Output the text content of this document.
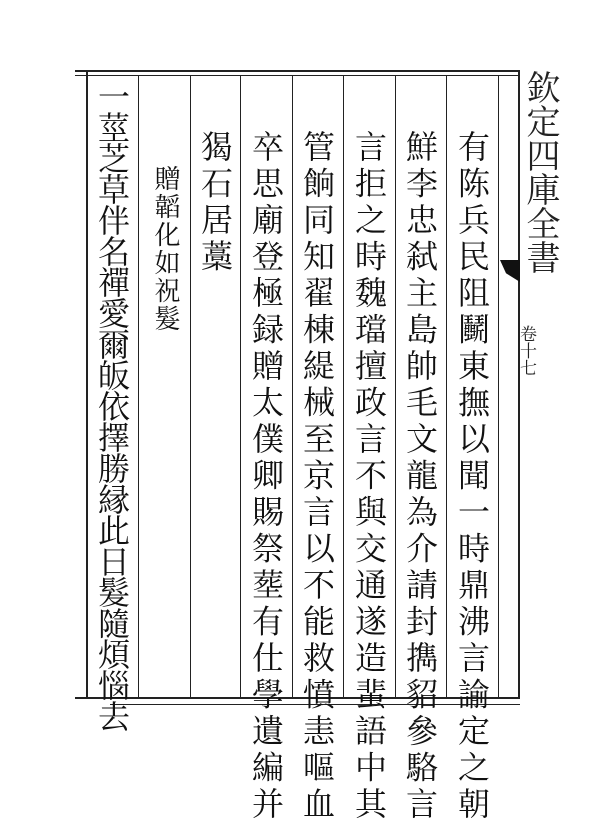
欽定四庫全書
卷十七
有陈兵民阻鬭東撫以聞一時鼎沸言諭定之朝
鮮李忠弑主島帥毛文龍為介請封擕貂參駱言
言拒之時魏璫擅政言不與交通遂造蜚語中其
管餉同知翟棟緹械至京言以不能救憤恚嘔血
卒思廟登極録贈太僕卿賜祭塟有仕學遺編并
猲石居藁
贈韜化如祝髮
一莖芝草伴名禪愛爾皈依擇勝縁此日髮隨煩惱去
